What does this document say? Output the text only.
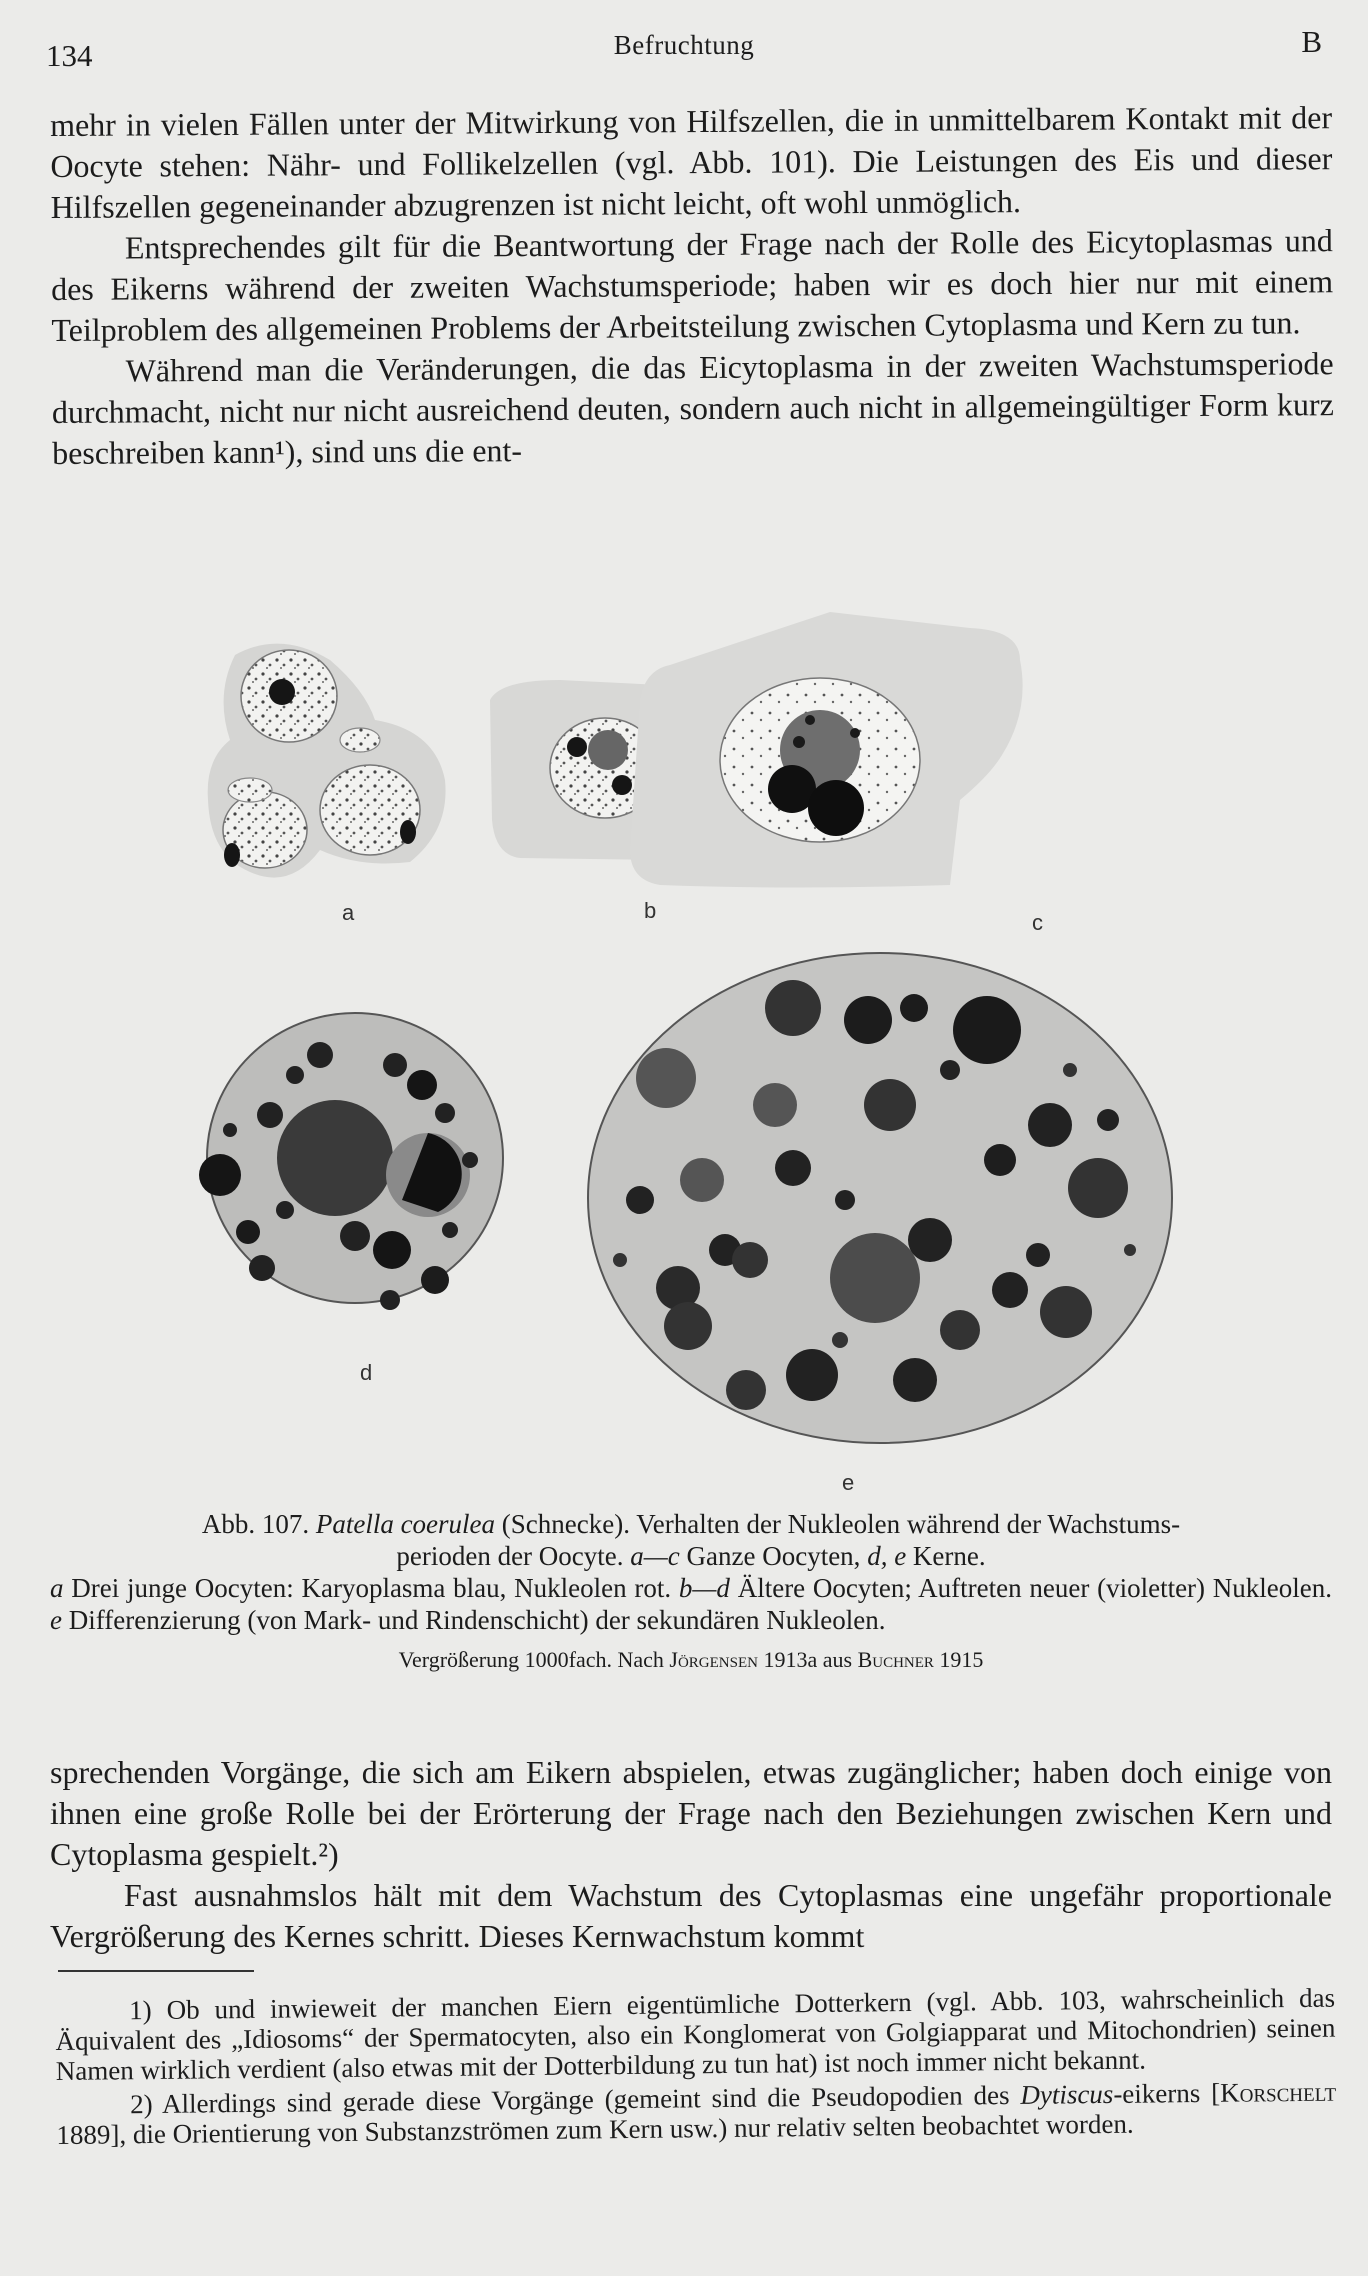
134	Befruchtung	B

mehr in vielen Fällen unter der Mitwirkung von Hilfszellen, die in unmittelbarem Kontakt mit der Oocyte stehen: Nähr- und Follikelzellen (vgl. Abb. 101). Die Leistungen des Eis und dieser Hilfszellen gegeneinander abzugrenzen ist nicht leicht, oft wohl unmöglich.

Entsprechendes gilt für die Beantwortung der Frage nach der Rolle des Eicytoplasmas und des Eikerns während der zweiten Wachstumsperiode; haben wir es doch hier nur mit einem Teilproblem des allgemeinen Problems der Arbeitsteilung zwischen Cytoplasma und Kern zu tun.

Während man die Veränderungen, die das Eicytoplasma in der zweiten Wachstumsperiode durchmacht, nicht nur nicht ausreichend deuten, sondern auch nicht in allgemeingültiger Form kurz beschreiben kann¹), sind uns die ent-

a	b	c
d
e
Abb. 107. Patella coerulea (Schnecke). Verhalten der Nukleolen während der Wachstums-
perioden der Oocyte. a—c Ganze Oocyten, d, e Kerne.
a Drei junge Oocyten: Karyoplasma blau, Nukleolen rot. b—d Ältere Oocyten; Auftreten neuer (violetter) Nukleolen. e Differenzierung (von Mark- und Rindenschicht) der sekundären Nukleolen.
Vergrößerung 1000fach. Nach Jörgensen 1913a aus Buchner 1915

sprechenden Vorgänge, die sich am Eikern abspielen, etwas zugänglicher; haben doch einige von ihnen eine große Rolle bei der Erörterung der Frage nach den Beziehungen zwischen Kern und Cytoplasma gespielt.²)

Fast ausnahmslos hält mit dem Wachstum des Cytoplasmas eine ungefähr proportionale Vergrößerung des Kernes schritt. Dieses Kernwachstum kommt

1) Ob und inwieweit der manchen Eiern eigentümliche Dotterkern (vgl. Abb. 103, wahrscheinlich das Äquivalent des „Idiosoms“ der Spermatocyten, also ein Konglomerat von Golgiapparat und Mitochondrien) seinen Namen wirklich verdient (also etwas mit der Dotterbildung zu tun hat) ist noch immer nicht bekannt.

2) Allerdings sind gerade diese Vorgänge (gemeint sind die Pseudopodien des Dytiscus-eikerns [Korschelt 1889], die Orientierung von Substanzströmen zum Kern usw.) nur relativ selten beobachtet worden.
